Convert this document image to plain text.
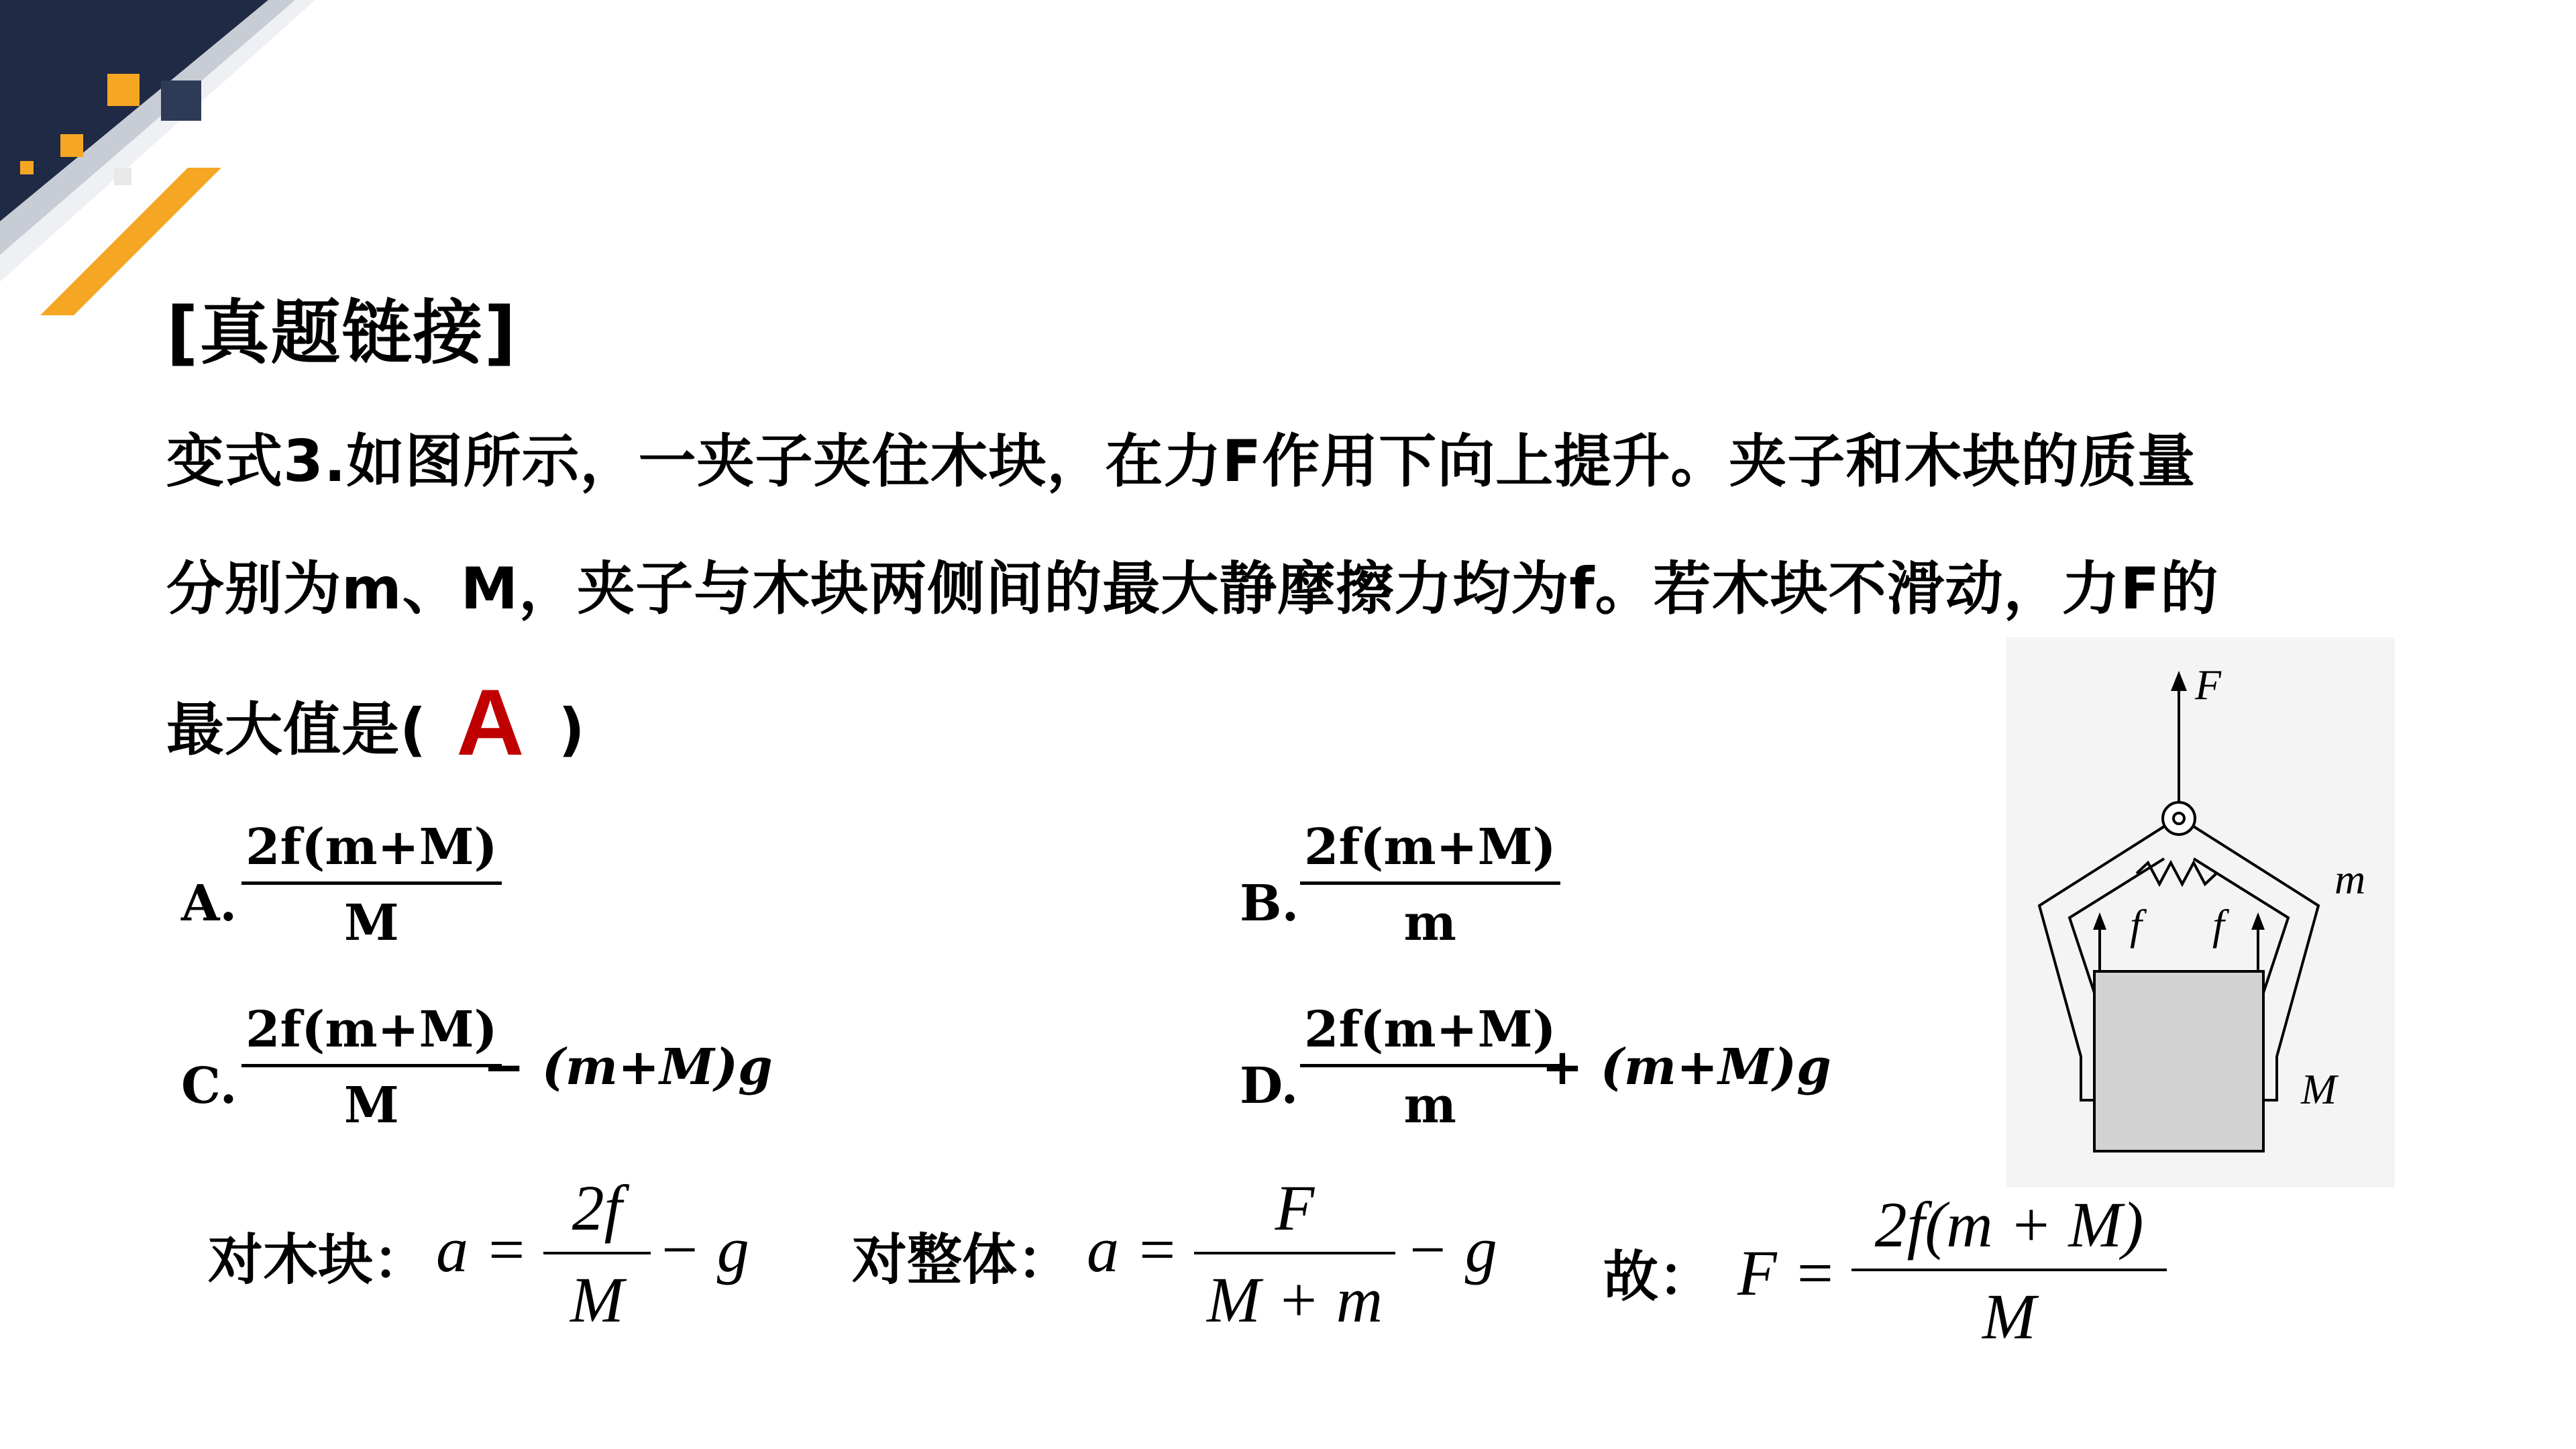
[真题链接]
变式3.如图所示，一夹子夹住木块，在力F作用下向上提升。夹子和木块的质量
分别为m、M，夹子与木块两侧间的最大静摩擦力均为f。若木块不滑动，力F的
最大值是( A )
A.
2f(m+M)
M	B.
2f(m+M)
m
C.
2f(m+M)
M
− (m+M)g	D.
2f(m+M)
m
+ (m+M)g
对木块： a =
2f
M
− g 对整体： a =
F
M + m
− g 故： F =
2f(m + M)
M
F
f f
m
M
